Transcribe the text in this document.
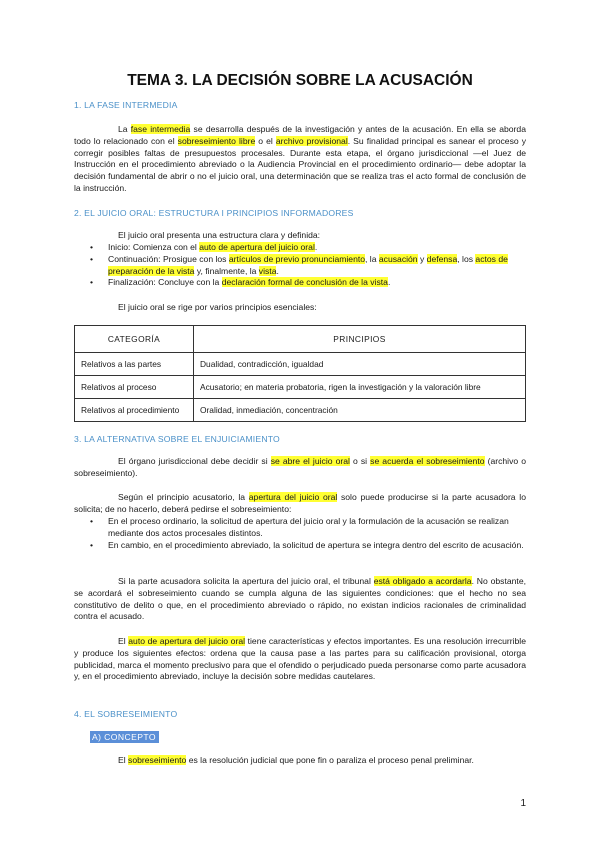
TEMA 3. LA DECISIÓN SOBRE LA ACUSACIÓN
1. LA FASE INTERMEDIA
La fase intermedia se desarrolla después de la investigación y antes de la acusación. En ella se aborda todo lo relacionado con el sobreseimiento libre o el archivo provisional. Su finalidad principal es sanear el proceso y corregir posibles faltas de presupuestos procesales. Durante esta etapa, el órgano jurisdiccional —el Juez de Instrucción en el procedimiento abreviado o la Audiencia Provincial en el procedimiento ordinario— debe adoptar la decisión fundamental de abrir o no el juicio oral, una determinación que se realiza tras el acto formal de conclusión de la instrucción.
2. EL JUICIO ORAL: ESTRUCTURA I PRINCIPIOS INFORMADORES
El juicio oral presenta una estructura clara y definida:
• Inicio: Comienza con el auto de apertura del juicio oral.
• Continuación: Prosigue con los artículos de previo pronunciamiento, la acusación y defensa, los actos de preparación de la vista y, finalmente, la vista.
• Finalización: Concluye con la declaración formal de conclusión de la vista.
El juicio oral se rige por varios principios esenciales:
CATEGORÍA	PRINCIPIOS
Relativos a las partes	Dualidad, contradicción, igualdad
Relativos al proceso	Acusatorio; en materia probatoria, rigen la investigación y la valoración libre
Relativos al procedimiento	Oralidad, inmediación, concentración
3. LA ALTERNATIVA SOBRE EL ENJUICIAMIENTO
El órgano jurisdiccional debe decidir si se abre el juicio oral o si se acuerda el sobreseimiento (archivo o sobreseimiento).
Según el principio acusatorio, la apertura del juicio oral solo puede producirse si la parte acusadora lo solicita; de no hacerlo, deberá pedirse el sobreseimiento:
• En el proceso ordinario, la solicitud de apertura del juicio oral y la formulación de la acusación se realizan mediante dos actos procesales distintos.
• En cambio, en el procedimiento abreviado, la solicitud de apertura se integra dentro del escrito de acusación.
Si la parte acusadora solicita la apertura del juicio oral, el tribunal está obligado a acordarla. No obstante, se acordará el sobreseimiento cuando se cumpla alguna de las siguientes condiciones: que el hecho no sea constitutivo de delito o que, en el procedimiento abreviado o rápido, no existan indicios racionales de criminalidad contra el acusado.
El auto de apertura del juicio oral tiene características y efectos importantes. Es una resolución irrecurrible y produce los siguientes efectos: ordena que la causa pase a las partes para su calificación provisional, otorga publicidad, marca el momento preclusivo para que el ofendido o perjudicado pueda personarse como parte acusadora y, en el procedimiento abreviado, incluye la decisión sobre medidas cautelares.
4. EL SOBRESEIMIENTO
A) CONCEPTO
El sobreseimiento es la resolución judicial que pone fin o paraliza el proceso penal preliminar.
1
